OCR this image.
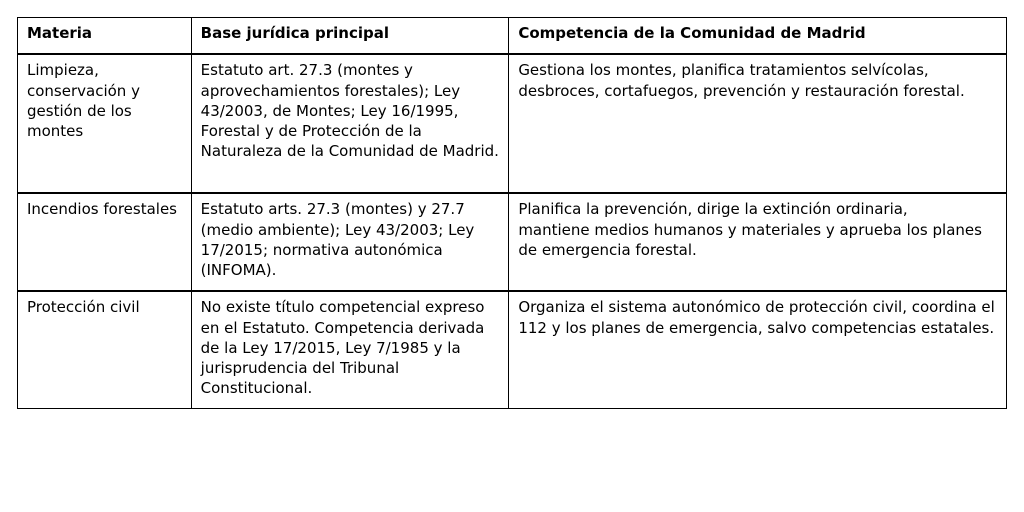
Materia	Base jurídica principal	Competencia de la Comunidad de Madrid
Limpieza, conservación y gestión de los montes	Estatuto art. 27.3 (montes y aprovechamientos forestales); Ley 43/2003, de Montes; Ley 16/1995, Forestal y de Protección de la Naturaleza de la Comunidad de Madrid.	Gestiona los montes, planifica tratamientos selvícolas, desbroces, cortafuegos, prevención y restauración forestal.
Incendios forestales	Estatuto arts. 27.3 (montes) y 27.7 (medio ambiente); Ley 43/2003; Ley 17/2015; normativa autonómica (INFOMA).	Planifica la prevención, dirige la extinción ordinaria,
mantiene medios humanos y materiales y aprueba los planes
de emergencia forestal.

Protección civil	No existe título competencial expreso en el Estatuto. Competencia derivada de la Ley 17/2015, Ley 7/1985 y la jurisprudencia del Tribunal Constitucional.	Organiza el sistema autonómico de protección civil, coordina el 112 y los planes de emergencia, salvo competencias estatales.
